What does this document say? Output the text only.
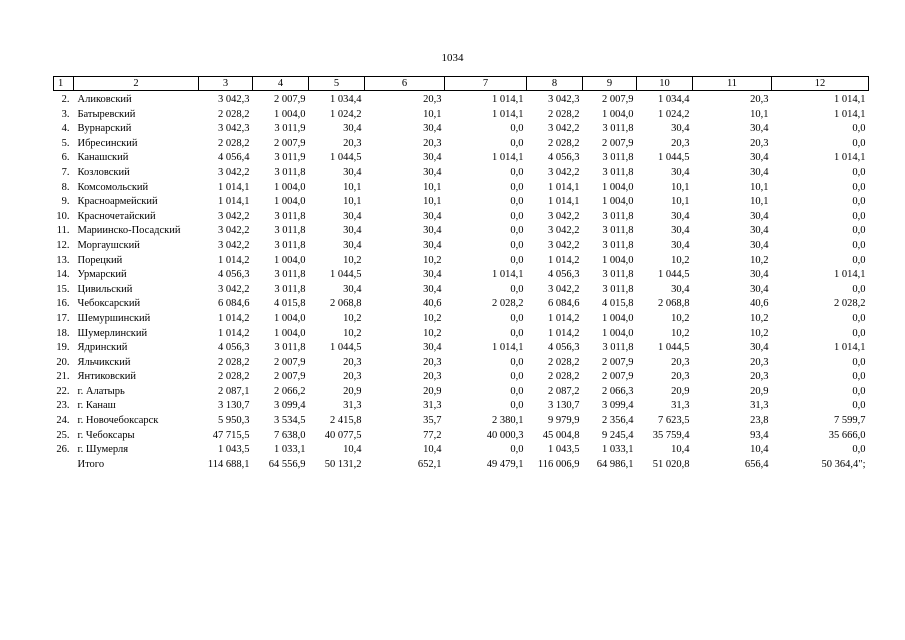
1034
1	2	3	4	5	6	7	8	9	10	11	12
2.	Аликовский	3 042,3	2 007,9	1 034,4	20,3	1 014,1	3 042,3	2 007,9	1 034,4	20,3	1 014,1
3.	Батыревский	2 028,2	1 004,0	1 024,2	10,1	1 014,1	2 028,2	1 004,0	1 024,2	10,1	1 014,1
4.	Вурнарский	3 042,3	3 011,9	30,4	30,4	0,0	3 042,2	3 011,8	30,4	30,4	0,0
5.	Ибресинский	2 028,2	2 007,9	20,3	20,3	0,0	2 028,2	2 007,9	20,3	20,3	0,0
6.	Канашский	4 056,4	3 011,9	1 044,5	30,4	1 014,1	4 056,3	3 011,8	1 044,5	30,4	1 014,1
7.	Козловский	3 042,2	3 011,8	30,4	30,4	0,0	3 042,2	3 011,8	30,4	30,4	0,0
8.	Комсомольский	1 014,1	1 004,0	10,1	10,1	0,0	1 014,1	1 004,0	10,1	10,1	0,0
9.	Красноармейский	1 014,1	1 004,0	10,1	10,1	0,0	1 014,1	1 004,0	10,1	10,1	0,0
10.	Красночетайский	3 042,2	3 011,8	30,4	30,4	0,0	3 042,2	3 011,8	30,4	30,4	0,0
11.	Мариинско-Посадский	3 042,2	3 011,8	30,4	30,4	0,0	3 042,2	3 011,8	30,4	30,4	0,0
12.	Моргаушский	3 042,2	3 011,8	30,4	30,4	0,0	3 042,2	3 011,8	30,4	30,4	0,0
13.	Порецкий	1 014,2	1 004,0	10,2	10,2	0,0	1 014,2	1 004,0	10,2	10,2	0,0
14.	Урмарский	4 056,3	3 011,8	1 044,5	30,4	1 014,1	4 056,3	3 011,8	1 044,5	30,4	1 014,1
15.	Цивильский	3 042,2	3 011,8	30,4	30,4	0,0	3 042,2	3 011,8	30,4	30,4	0,0
16.	Чебоксарский	6 084,6	4 015,8	2 068,8	40,6	2 028,2	6 084,6	4 015,8	2 068,8	40,6	2 028,2
17.	Шемуршинский	1 014,2	1 004,0	10,2	10,2	0,0	1 014,2	1 004,0	10,2	10,2	0,0
18.	Шумерлинский	1 014,2	1 004,0	10,2	10,2	0,0	1 014,2	1 004,0	10,2	10,2	0,0
19.	Ядринский	4 056,3	3 011,8	1 044,5	30,4	1 014,1	4 056,3	3 011,8	1 044,5	30,4	1 014,1
20.	Яльчикский	2 028,2	2 007,9	20,3	20,3	0,0	2 028,2	2 007,9	20,3	20,3	0,0
21.	Янтиковский	2 028,2	2 007,9	20,3	20,3	0,0	2 028,2	2 007,9	20,3	20,3	0,0
22.	г. Алатырь	2 087,1	2 066,2	20,9	20,9	0,0	2 087,2	2 066,3	20,9	20,9	0,0
23.	г. Канаш	3 130,7	3 099,4	31,3	31,3	0,0	3 130,7	3 099,4	31,3	31,3	0,0
24.	г. Новочебоксарск	5 950,3	3 534,5	2 415,8	35,7	2 380,1	9 979,9	2 356,4	7 623,5	23,8	7 599,7
25.	г. Чебоксары	47 715,5	7 638,0	40 077,5	77,2	40 000,3	45 004,8	9 245,4	35 759,4	93,4	35 666,0
26.	г. Шумерля	1 043,5	1 033,1	10,4	10,4	0,0	1 043,5	1 033,1	10,4	10,4	0,0
	Итого	114 688,1	64 556,9	50 131,2	652,1	49 479,1	116 006,9	64 986,1	51 020,8	656,4	50 364,4";
